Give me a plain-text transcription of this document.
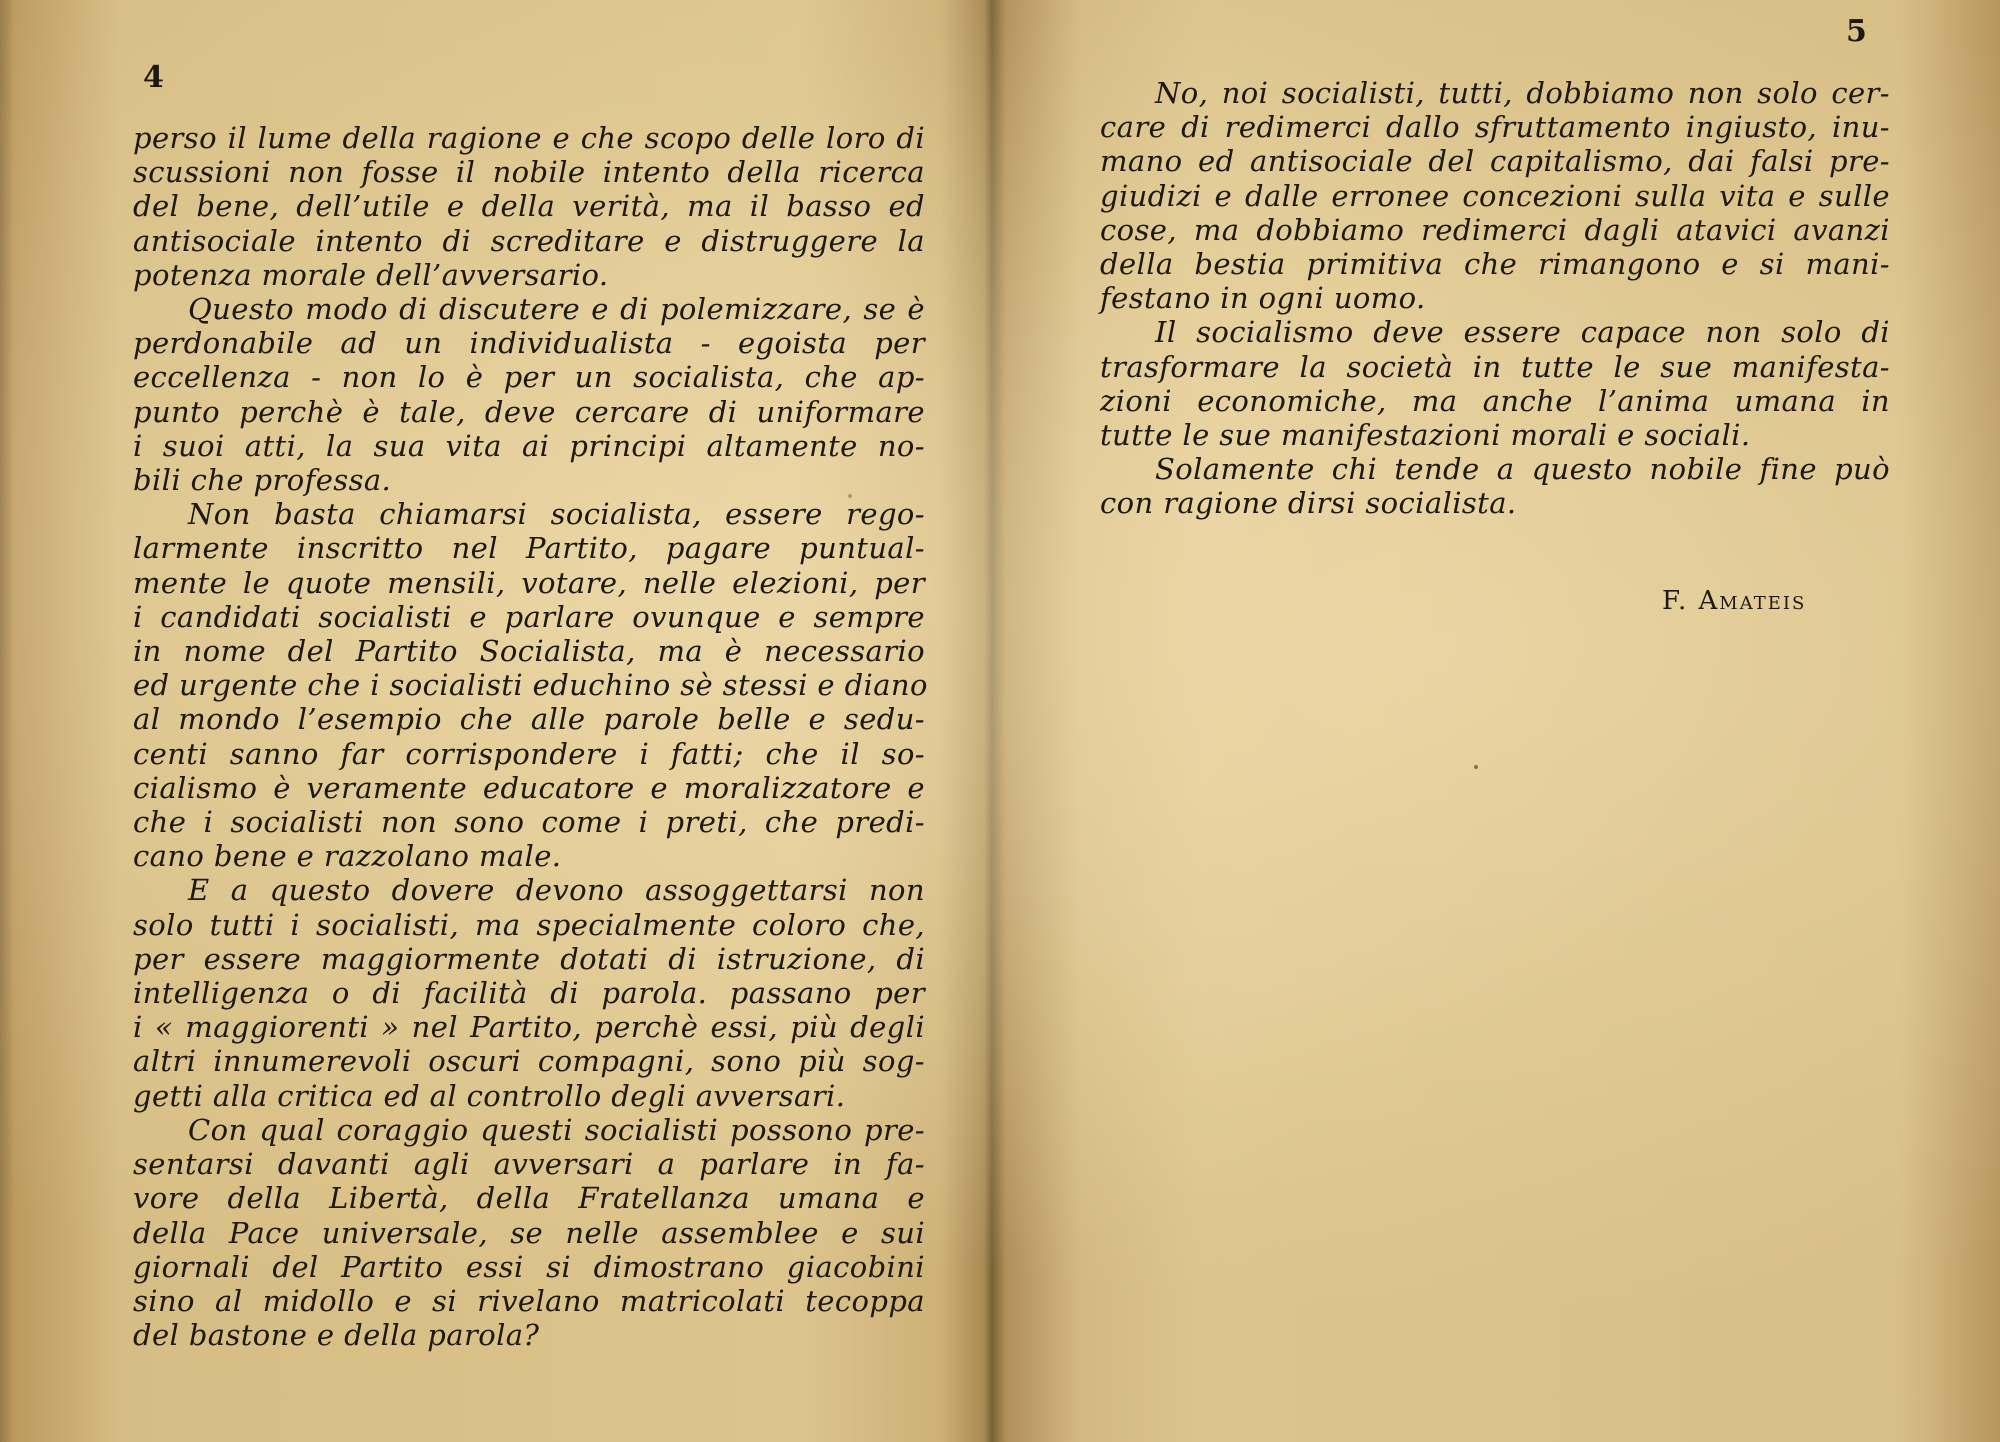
4
5
perso il lume della ragione e che scopo delle loro di
scussioni non fosse il nobile intento della ricerca
del bene, dell’utile e della verità, ma il basso ed
antisociale intento di screditare e distruggere la
potenza morale dell’avversario.
Questo modo di discutere e di polemizzare, se è
perdonabile ad un individualista - egoista per
eccellenza - non lo è per un socialista, che ap-
punto perchè è tale, deve cercare di uniformare
i suoi atti, la sua vita ai principi altamente no-
bili che professa.
Non basta chiamarsi socialista, essere rego-
larmente inscritto nel Partito, pagare puntual-
mente le quote mensili, votare, nelle elezioni, per
i candidati socialisti e parlare ovunque e sempre
in nome del Partito Socialista, ma è necessario
ed urgente che i socialisti educhino sè stessi e diano
al mondo l’esempio che alle parole belle e sedu-
centi sanno far corrispondere i fatti; che il so-
cialismo è veramente educatore e moralizzatore e
che i socialisti non sono come i preti, che predi-
cano bene e razzolano male.
E a questo dovere devono assoggettarsi non
solo tutti i socialisti, ma specialmente coloro che,
per essere maggiormente dotati di istruzione, di
intelligenza o di facilità di parola. passano per
i « maggiorenti » nel Partito, perchè essi, più degli
altri innumerevoli oscuri compagni, sono più sog-
getti alla critica ed al controllo degli avversari.
Con qual coraggio questi socialisti possono pre-
sentarsi davanti agli avversari a parlare in fa-
vore della Libertà, della Fratellanza umana e
della Pace universale, se nelle assemblee e sui
giornali del Partito essi si dimostrano giacobini
sino al midollo e si rivelano matricolati tecoppa
del bastone e della parola?
No, noi socialisti, tutti, dobbiamo non solo cer-
care di redimerci dallo sfruttamento ingiusto, inu-
mano ed antisociale del capitalismo, dai falsi pre-
giudizi e dalle erronee concezioni sulla vita e sulle
cose, ma dobbiamo redimerci dagli atavici avanzi
della bestia primitiva che rimangono e si mani-
festano in ogni uomo.
Il socialismo deve essere capace non solo di
trasformare la società in tutte le sue manifesta-
zioni economiche, ma anche l’anima umana in
tutte le sue manifestazioni morali e sociali.
Solamente chi tende a questo nobile fine può
con ragione dirsi socialista.
F. Amateis
